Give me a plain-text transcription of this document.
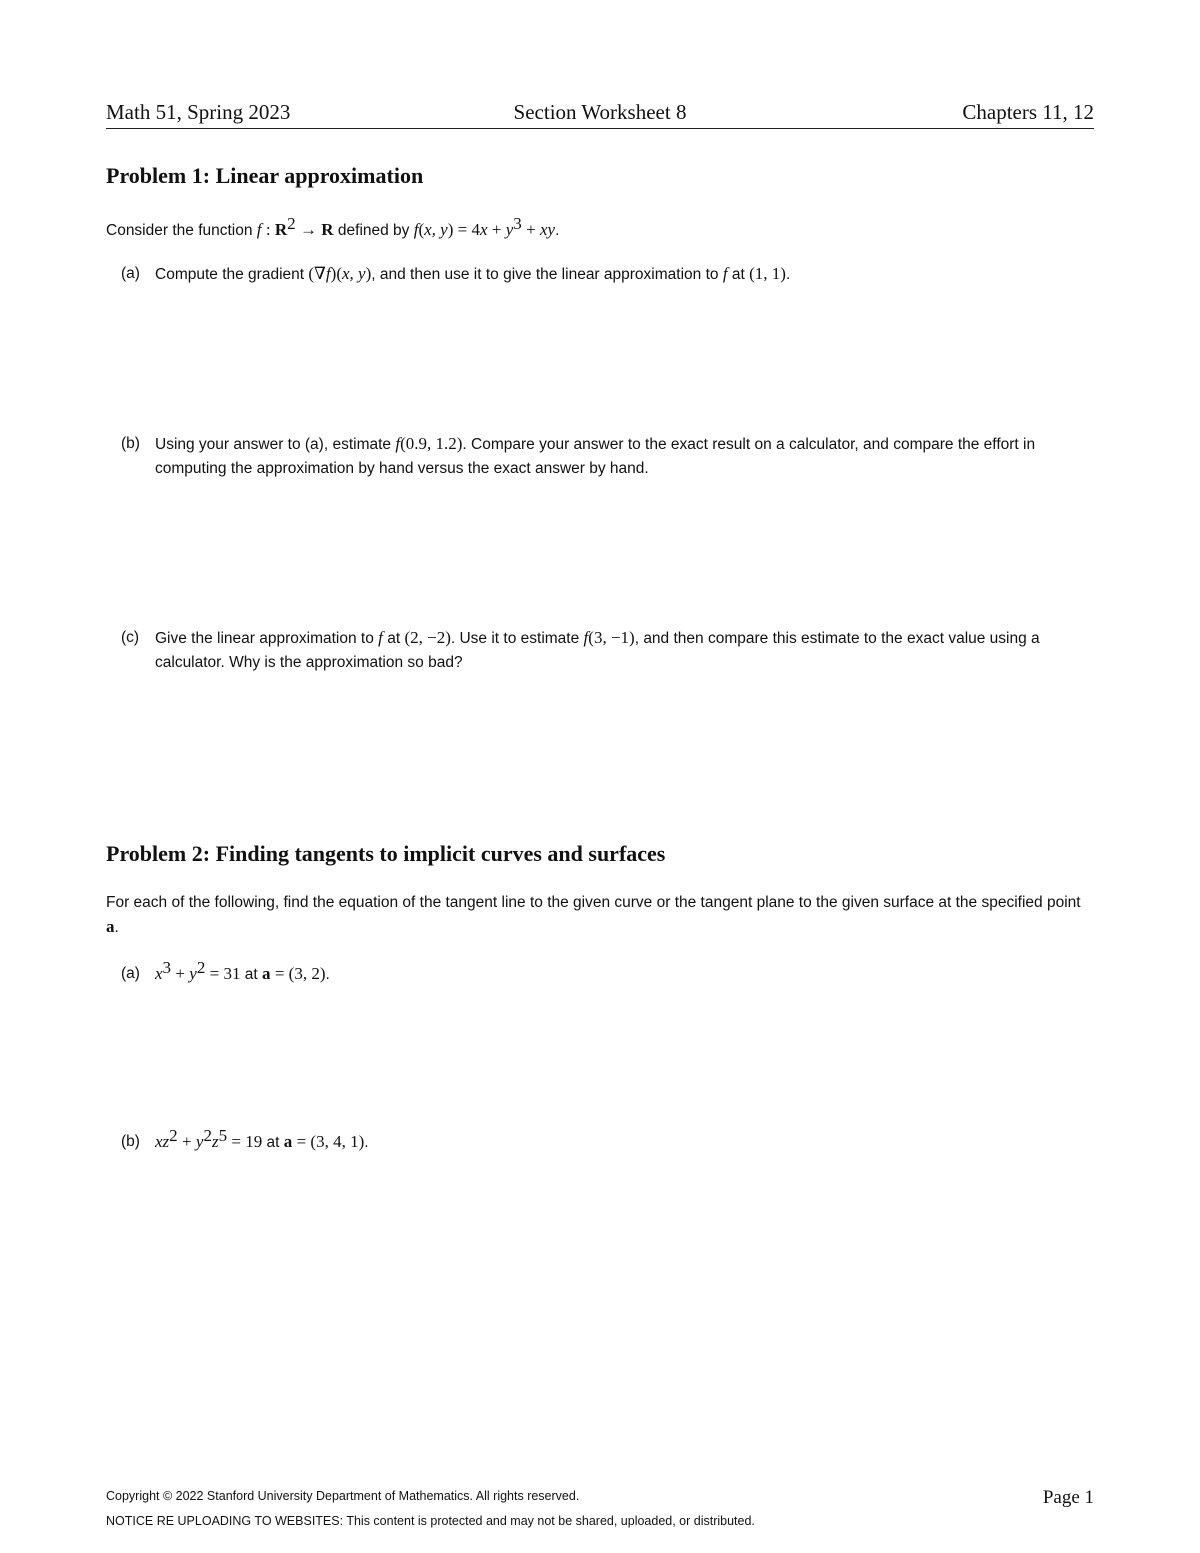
Math 51, Spring 2023	Section Worksheet 8	Chapters 11, 12
Problem 1: Linear approximation
Consider the function f : $R^2 \to R$ defined by f(x, $y) = 4x + y^3$ + xy.
(a) Compute the gradient (∇f)(x, y), and then use it to give the linear approximation to f at (1, 1).
(b) Using your answer to (a), estimate f(0.9, 1.2). Compare your answer to the exact result on a calculator, and compare the effort in computing the approximation by hand versus the exact answer by hand.
(c)	Give the linear approximation to f at (2, −2). Use it to estimate f(3, −1), and then compare this estimate to the exact value using a calculator. Why is the approximation so bad?
Problem 2: Finding tangents to implicit curves and surfaces
For each of the following, find the equation of the tangent line to the given curve or the tangent plane to the given surface at the specified point a.
(a) $x^3 + y^2 = 31$ at a = (3, 2).
(b) $xz^2 + y^2z^5 = 19$ at a = (3, 4, 1).
Copyright © 2022 Stanford University Department of Mathematics. All rights reserved.	Page 1
NOTICE RE UPLOADING TO WEBSITES: This content is protected and may not be shared, uploaded, or distributed.
